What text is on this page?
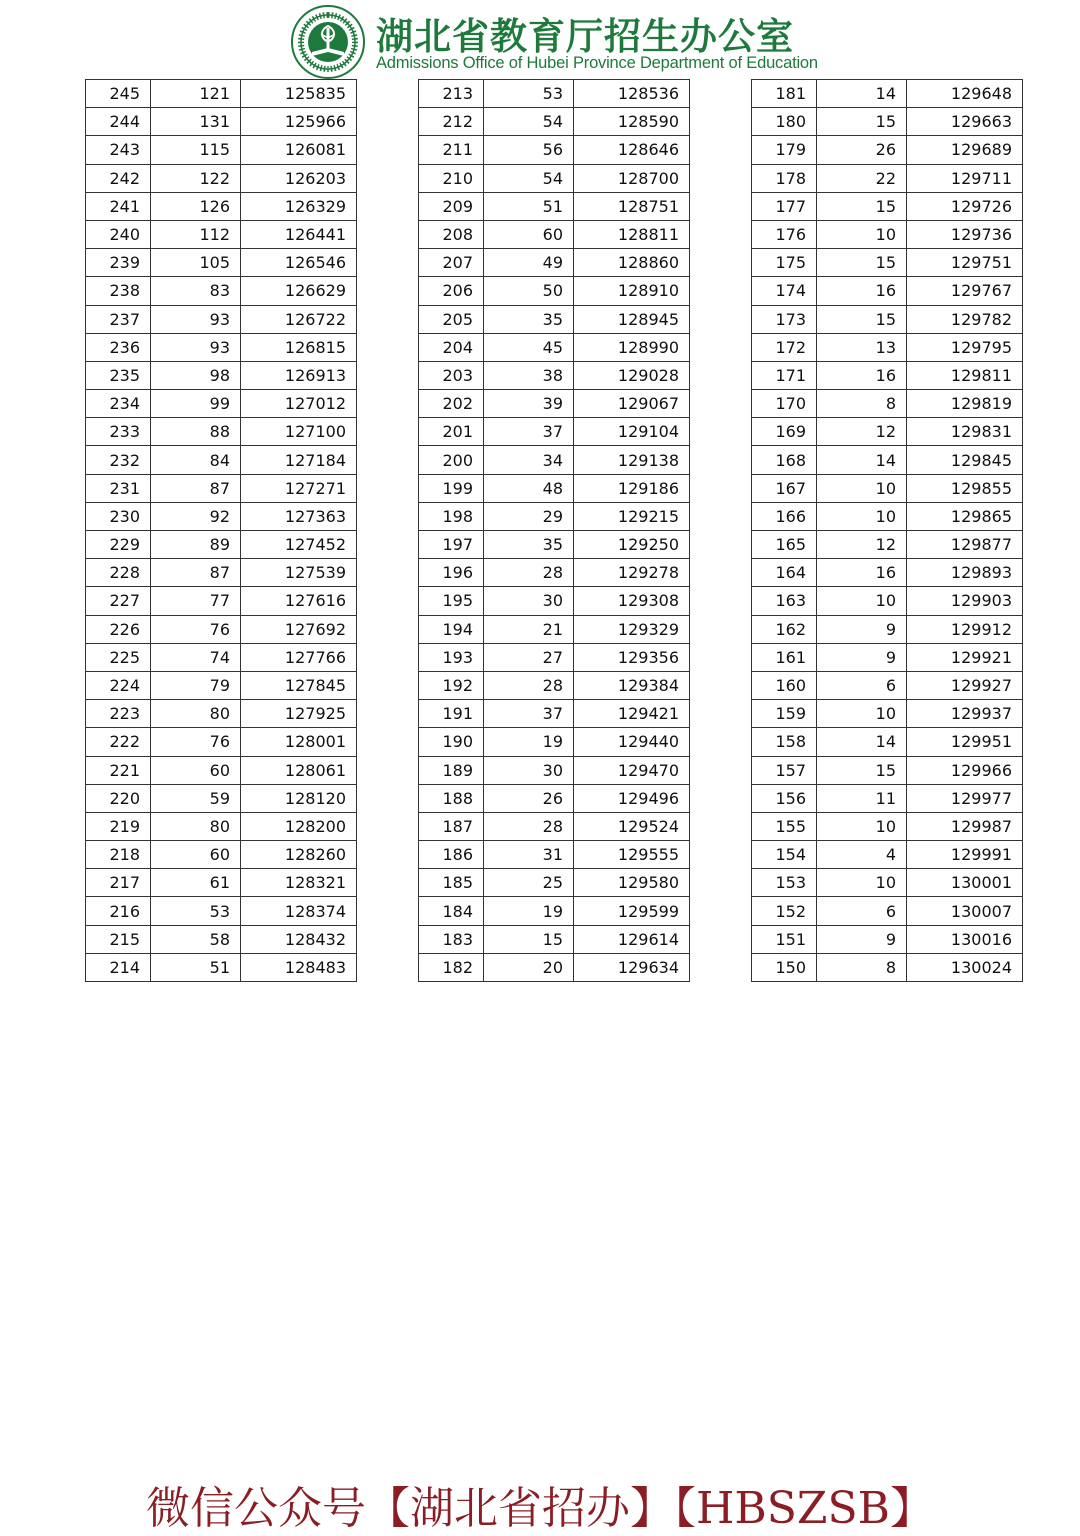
湖北省教育厅招生办公室
Admissions Office of Hubei Province Department of Education
245	121	125835
244	131	125966
243	115	126081
242	122	126203
241	126	126329
240	112	126441
239	105	126546
238	83	126629
237	93	126722
236	93	126815
235	98	126913
234	99	127012
233	88	127100
232	84	127184
231	87	127271
230	92	127363
229	89	127452
228	87	127539
227	77	127616
226	76	127692
225	74	127766
224	79	127845
223	80	127925
222	76	128001
221	60	128061
220	59	128120
219	80	128200
218	60	128260
217	61	128321
216	53	128374
215	58	128432
214	51	128483
213	53	128536
212	54	128590
211	56	128646
210	54	128700
209	51	128751
208	60	128811
207	49	128860
206	50	128910
205	35	128945
204	45	128990
203	38	129028
202	39	129067
201	37	129104
200	34	129138
199	48	129186
198	29	129215
197	35	129250
196	28	129278
195	30	129308
194	21	129329
193	27	129356
192	28	129384
191	37	129421
190	19	129440
189	30	129470
188	26	129496
187	28	129524
186	31	129555
185	25	129580
184	19	129599
183	15	129614
182	20	129634
181	14	129648
180	15	129663
179	26	129689
178	22	129711
177	15	129726
176	10	129736
175	15	129751
174	16	129767
173	15	129782
172	13	129795
171	16	129811
170	8	129819
169	12	129831
168	14	129845
167	10	129855
166	10	129865
165	12	129877
164	16	129893
163	10	129903
162	9	129912
161	9	129921
160	6	129927
159	10	129937
158	14	129951
157	15	129966
156	11	129977
155	10	129987
154	4	129991
153	10	130001
152	6	130007
151	9	130016
150	8	130024
微信公众号【湖北省招办】【HBSZSB】
